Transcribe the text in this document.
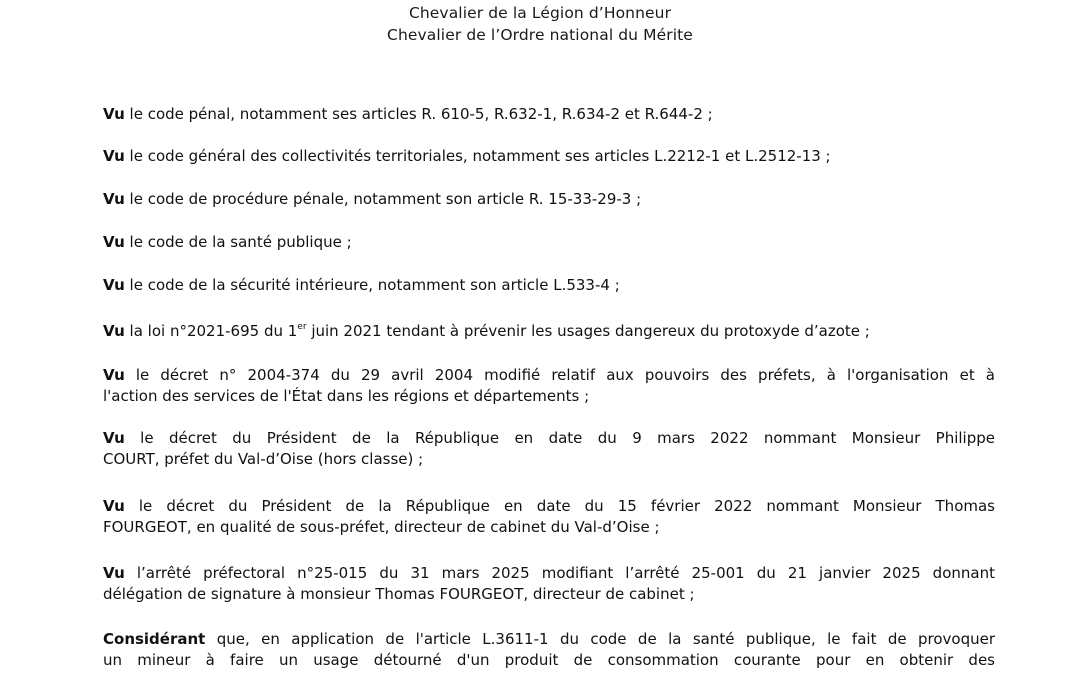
Chevalier de la Légion d’Honneur
Chevalier de l’Ordre national du Mérite
Vu le code pénal, notamment ses articles R. 610-5, R.632-1, R.634-2 et R.644-2 ;
Vu le code général des collectivités territoriales, notamment ses articles L.2212-1 et L.2512-13 ;
Vu le code de procédure pénale, notamment son article R. 15-33-29-3 ;
Vu le code de la santé publique ;
Vu le code de la sécurité intérieure, notamment son article L.533-4 ;
Vu la loi n°2021-695 du 1er juin 2021 tendant à prévenir les usages dangereux du protoxyde d’azote ;
Vu le décret n° 2004-374 du 29 avril 2004 modifié relatif aux pouvoirs des préfets, à l'organisation et à
l'action des services de l'État dans les régions et départements ;
Vu le décret du Président de la République en date du 9 mars 2022 nommant Monsieur Philippe
COURT, préfet du Val-d’Oise (hors classe) ;
Vu le décret du Président de la République en date du 15 février 2022 nommant Monsieur Thomas
FOURGEOT, en qualité de sous-préfet, directeur de cabinet du Val-d’Oise ;
Vu l’arrêté préfectoral n°25-015 du 31 mars 2025 modifiant l’arrêté 25-001 du 21 janvier 2025 donnant
délégation de signature à monsieur Thomas FOURGEOT, directeur de cabinet ;
Considérant que, en application de l'article L.3611-1 du code de la santé publique, le fait de provoquer
un mineur à faire un usage détourné d'un produit de consommation courante pour en obtenir des
